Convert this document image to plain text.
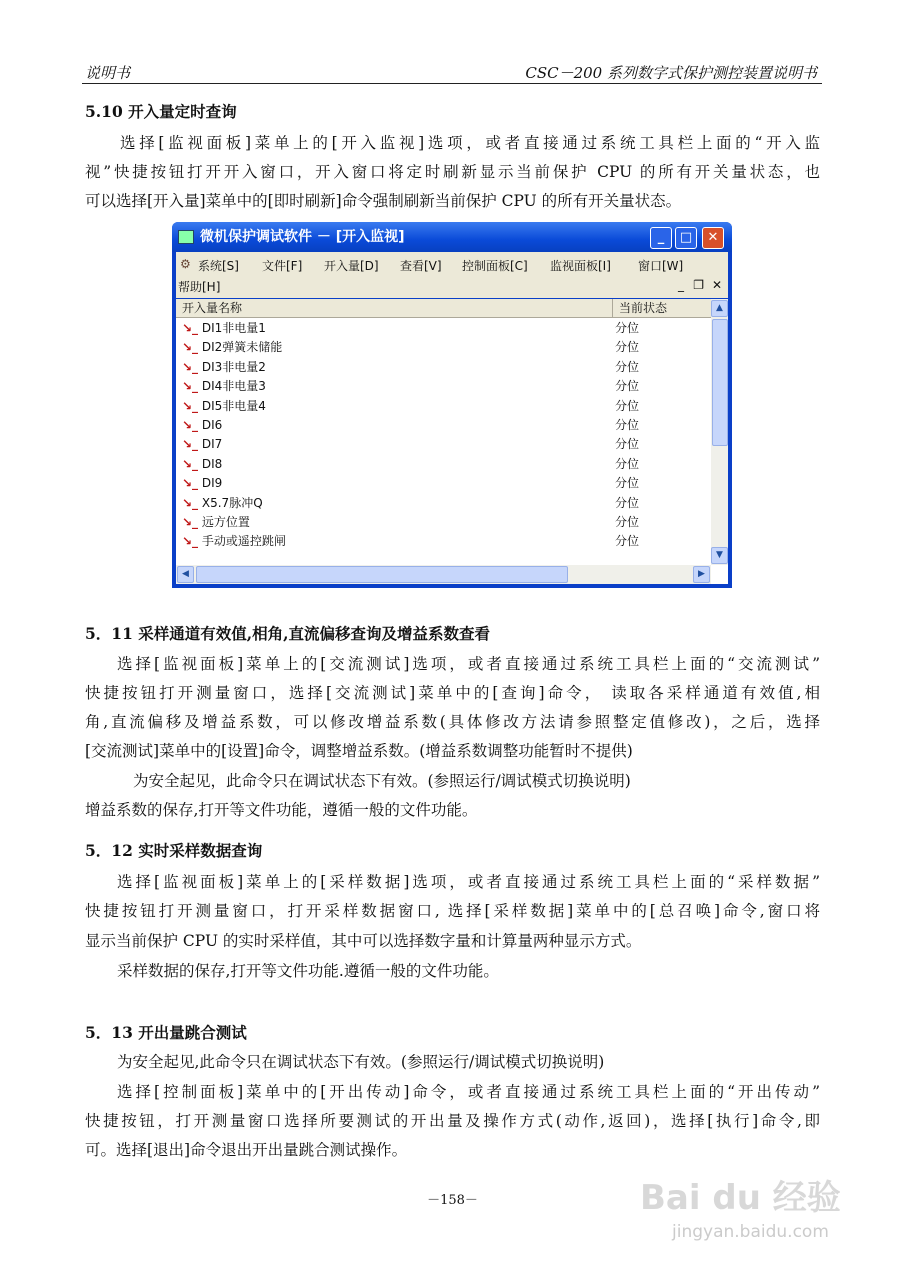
说明书	CSC－200 系列数字式保护测控装置说明书
5.10 开入量定时查询
选择[监视面板]菜单上的[开入监视]选项，或者直接通过系统工具栏上面的“开入监
视”快捷按钮打开开入窗口，开入窗口将定时刷新显示当前保护 CPU 的所有开关量状态，也
可以选择[开入量]菜单中的[即时刷新]命令强制刷新当前保护 CPU 的所有开关量状态。
微机保护调试软件 － [开入监视]	_	□	✕
⚙ 系统[S] 文件[F] 开入量[D] 查看[V] 控制面板[C] 监视面板[I] 窗口[W]
帮助[H]	_ ❐ ✕
开入量名称	当前状态
↘_ DI1非电量1	分位
↘_ DI2弹簧未储能	分位
↘_ DI3非电量2	分位
↘_ DI4非电量3	分位
↘_ DI5非电量4	分位
↘_ DI6	分位
↘_ DI7	分位
↘_ DI8	分位
↘_ DI9	分位
↘_ X5.7脉冲Q	分位
↘_ 远方位置	分位
↘_ 手动或遥控跳闸	分位
▲
▼
◀	▶
5．11 采样通道有效值,相角,直流偏移查询及增益系数查看
选择[监视面板]菜单上的[交流测试]选项，或者直接通过系统工具栏上面的“交流测试”
快捷按钮打开测量窗口，选择[交流测试]菜单中的[查询]命令， 读取各采样通道有效值,相
角,直流偏移及增益系数，可以修改增益系数(具体修改方法请参照整定值修改)，之后，选择
[交流测试]菜单中的[设置]命令，调整增益系数。(增益系数调整功能暂时不提供)
为安全起见，此命令只在调试状态下有效。(参照运行/调试模式切换说明)
增益系数的保存,打开等文件功能，遵循一般的文件功能。
5．12 实时采样数据查询
选择[监视面板]菜单上的[采样数据]选项，或者直接通过系统工具栏上面的“采样数据”
快捷按钮打开测量窗口，打开采样数据窗口, 选择[采样数据]菜单中的[总召唤]命令,窗口将
显示当前保护 CPU 的实时采样值，其中可以选择数字量和计算量两种显示方式。
采样数据的保存,打开等文件功能.遵循一般的文件功能。
5．13 开出量跳合测试
为安全起见,此命令只在调试状态下有效。(参照运行/调试模式切换说明)
选择[控制面板]菜单中的[开出传动]命令，或者直接通过系统工具栏上面的“开出传动”
快捷按钮，打开测量窗口选择所要测试的开出量及操作方式(动作,返回)，选择[执行]命令,即
可。选择[退出]命令退出开出量跳合测试操作。
－158－	Bai du 经验
jingyan.baidu.com
